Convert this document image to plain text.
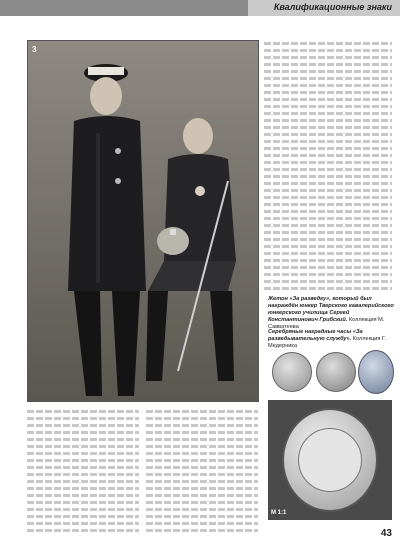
Квалификационные знаки
3
Жетон «За разведку», который был награждён юнкер Тверского кавалерийского юнкерского училища Сергей Константинович Грибский. Коллекция М. Савватеева
Серебряные наградные часы «За разведывательную службу». Коллекция Г. Медерника
М 1:1
43
